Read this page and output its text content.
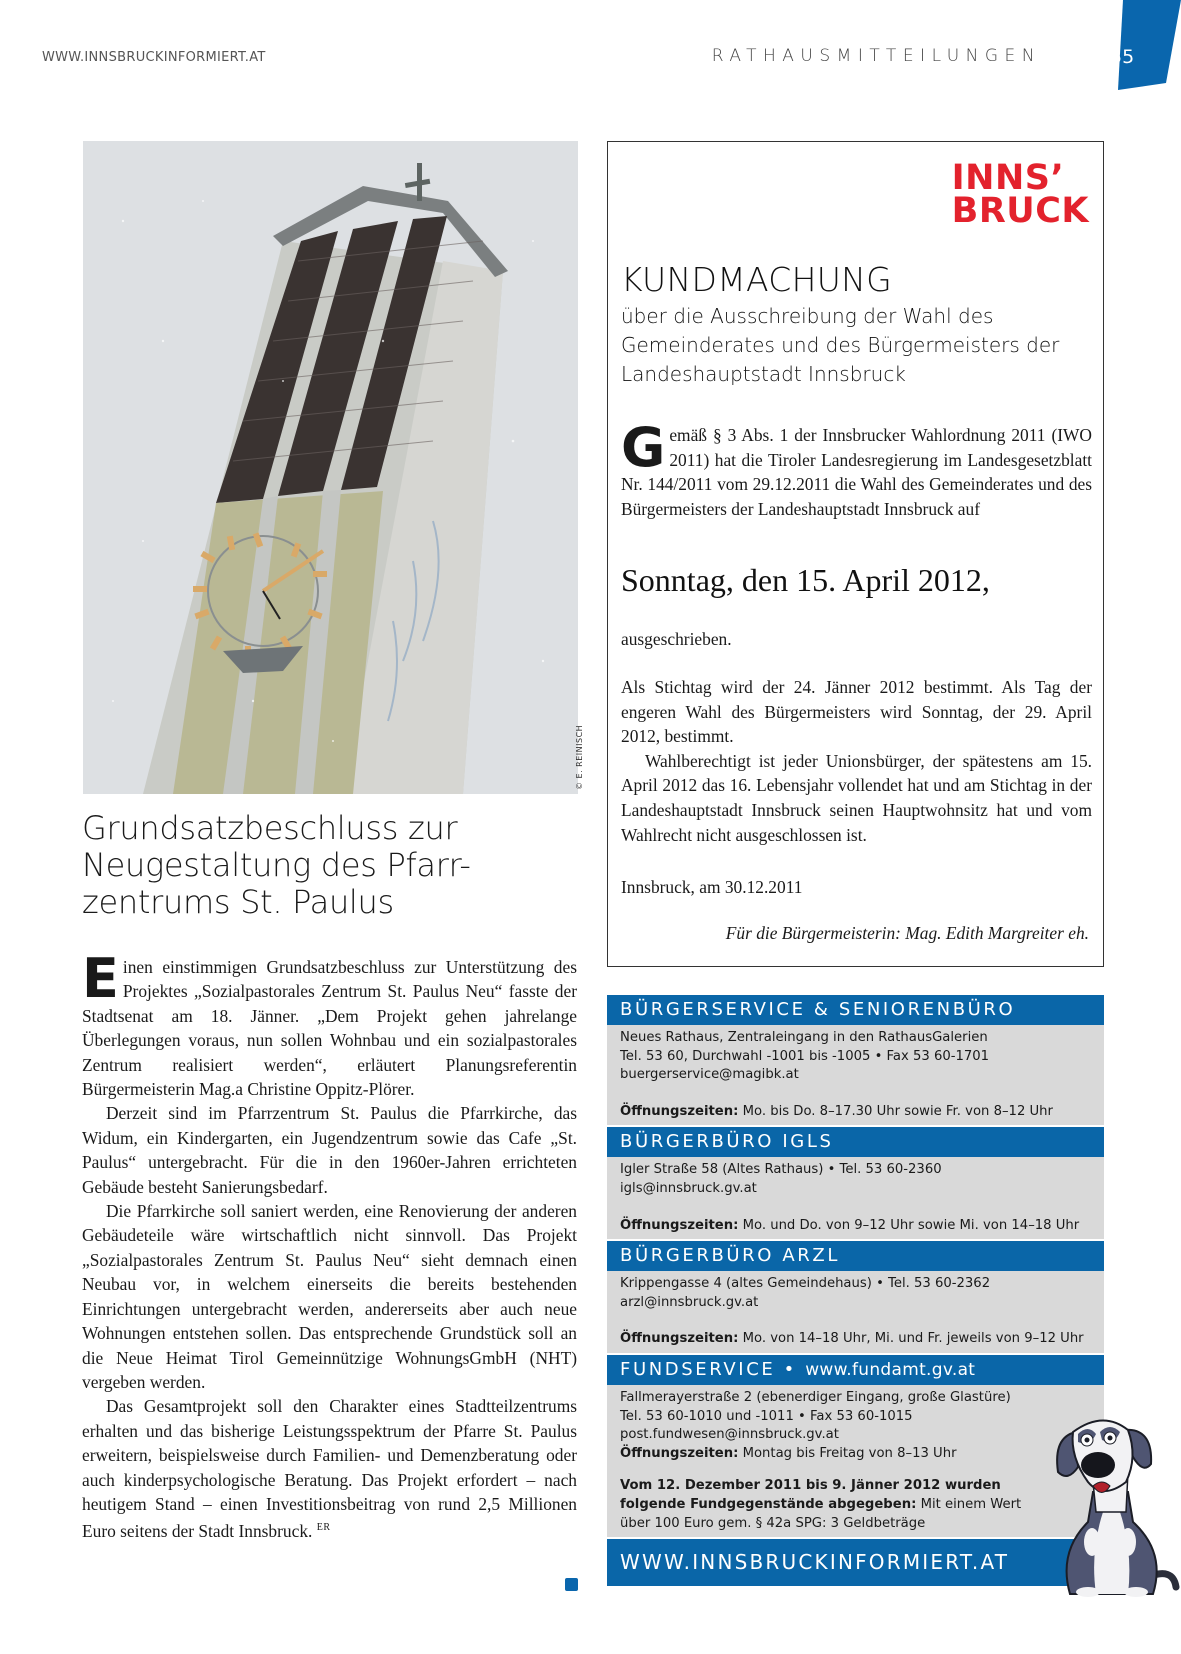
WWW.INNSBRUCKINFORMIERT.AT	RATHAUSMITTEILUNGEN	55
© E. REINISCH
Grundsatzbeschluss zur
Neugestaltung des Pfarr-
zentrums St. Paulus

Einen einstimmigen Grundsatzbeschluss zur Unterstützung des Projektes „Sozialpastorales Zentrum St. Paulus Neu“ fasste der Stadtsenat am 18. Jänner. „Dem Projekt gehen jahrelange Überlegungen voraus, nun sollen Wohnbau und ein sozialpastorales Zentrum realisiert werden“, erläutert Planungsreferentin Bürgermeisterin Mag.a Christine Oppitz-Plörer.

Derzeit sind im Pfarrzentrum St. Paulus die Pfarrkirche, das Widum, ein Kindergarten, ein Jugendzentrum sowie das Cafe „St. Paulus“ untergebracht. Für die in den 1960er-Jahren errichteten Gebäude besteht Sanierungsbedarf.

Die Pfarrkirche soll saniert werden, eine Renovierung der anderen Gebäudeteile wäre wirtschaftlich nicht sinnvoll. Das Projekt „Sozialpastorales Zentrum St. Paulus Neu“ sieht demnach einen Neubau vor, in welchem einerseits die bereits bestehenden Einrichtungen untergebracht werden, andererseits aber auch neue Wohnungen entstehen sollen. Das entsprechende Grundstück soll an die Neue Heimat Tirol Gemeinnützige WohnungsGmbH (NHT) vergeben werden.

Das Gesamtprojekt soll den Charakter eines Stadtteilzentrums erhalten und das bisherige Leistungsspektrum der Pfarre St. Paulus erweitern, beispielsweise durch Familien- und Demenzberatung oder auch kinderpsychologische Beratung. Das Projekt erfordert – nach heutigem Stand – einen Investitionsbeitrag von rund 2,5 Millionen Euro seitens der Stadt Innsbruck. $^{ER}$

INNS’
BRUCK
KUNDMACHUNG
über die Ausschreibung der Wahl des Gemeinderates und des Bürgermeisters der Landeshauptstadt Innsbruck
Gemäß § 3 Abs. 1 der Innsbrucker Wahlordnung 2011 (IWO 2011) hat die Tiroler Landesregierung im Landesgesetzblatt Nr. 144/2011 vom 29.12.2011 die Wahl des Gemeinderates und des Bürgermeisters der Landeshauptstadt Innsbruck auf
Sonntag, den 15. April 2012,
ausgeschrieben.

Als Stichtag wird der 24. Jänner 2012 bestimmt. Als Tag der engeren Wahl des Bürgermeisters wird Sonntag, der 29. April 2012, bestimmt.

Wahlberechtigt ist jeder Unionsbürger, der spätestens am 15. April 2012 das 16. Lebensjahr vollendet hat und am Stichtag in der Landeshauptstadt Innsbruck seinen Hauptwohnsitz hat und vom Wahlrecht nicht ausgeschlossen ist.

Innsbruck, am 30.12.2011
Für die Bürgermeisterin: Mag. Edith Margreiter eh.
BÜRGERSERVICE & SENIORENBÜRO
Neues Rathaus, Zentraleingang in den RathausGalerien
Tel. 53 60, Durchwahl -1001 bis -1005 • Fax 53 60-1701
buergerservice@magibk.at
Öffnungszeiten: Mo. bis Do. 8–17.30 Uhr sowie Fr. von 8–12 Uhr
BÜRGERBÜRO IGLS
Igler Straße 58 (Altes Rathaus) • Tel. 53 60-2360
igls@innsbruck.gv.at
Öffnungszeiten: Mo. und Do. von 9–12 Uhr sowie Mi. von 14–18 Uhr
BÜRGERBÜRO ARZL
Krippengasse 4 (altes Gemeindehaus) • Tel. 53 60-2362
arzl@innsbruck.gv.at
Öffnungszeiten: Mo. von 14–18 Uhr, Mi. und Fr. jeweils von 9–12 Uhr
FUNDSERVICE • www.fundamt.gv.at
Fallmerayerstraße 2 (ebenerdiger Eingang, große Glastüre)
Tel. 53 60-1010 und -1011 • Fax 53 60-1015
post.fundwesen@innsbruck.gv.at
Öffnungszeiten: Montag bis Freitag von 8–13 Uhr
Vom 12. Dezember 2011 bis 9. Jänner 2012 wurden folgende Fundgegenstände abgegeben: Mit einem Wert über 100 Euro gem. § 42a SPG: 3 Geldbeträge
WWW.INNSBRUCKINFORMIERT.AT
